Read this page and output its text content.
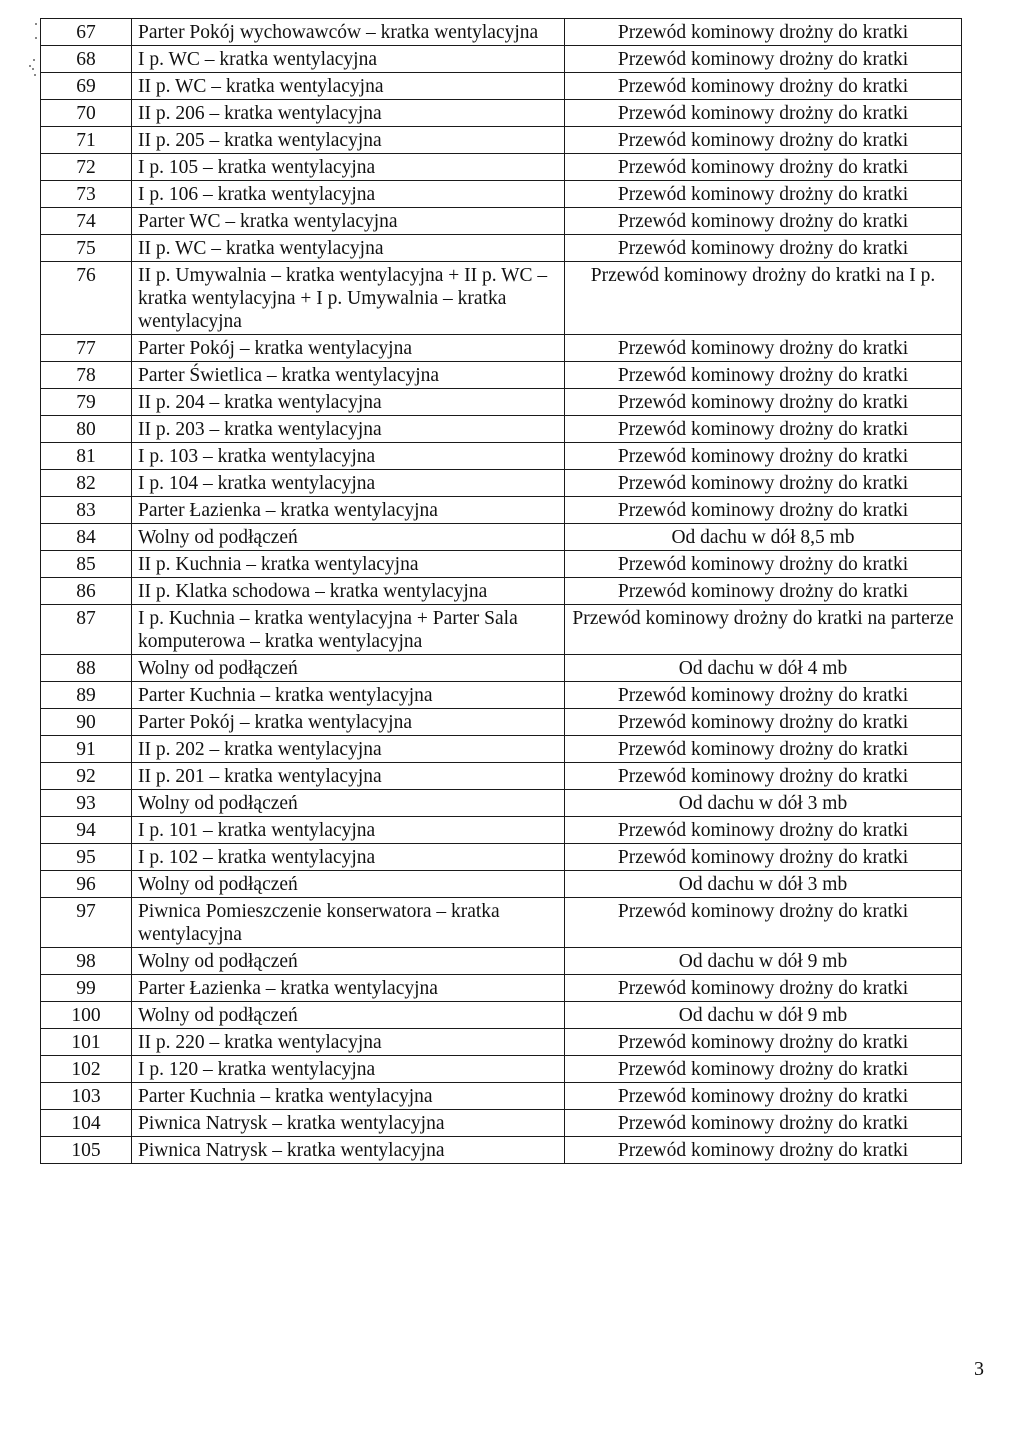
67	Parter Pokój wychowawców – kratka wentylacyjna	Przewód kominowy drożny do kratki
68	I p. WC – kratka wentylacyjna	Przewód kominowy drożny do kratki
69	II p. WC – kratka wentylacyjna	Przewód kominowy drożny do kratki
70	II p. 206 – kratka wentylacyjna	Przewód kominowy drożny do kratki
71	II p. 205 – kratka wentylacyjna	Przewód kominowy drożny do kratki
72	I p. 105 – kratka wentylacyjna	Przewód kominowy drożny do kratki
73	I p. 106 – kratka wentylacyjna	Przewód kominowy drożny do kratki
74	Parter WC – kratka wentylacyjna	Przewód kominowy drożny do kratki
75	II p. WC – kratka wentylacyjna	Przewód kominowy drożny do kratki
76	II p. Umywalnia – kratka wentylacyjna + II p. WC – kratka wentylacyjna + I p. Umywalnia – kratka wentylacyjna	Przewód kominowy drożny do kratki na I p.
77	Parter Pokój – kratka wentylacyjna	Przewód kominowy drożny do kratki
78	Parter Świetlica – kratka wentylacyjna	Przewód kominowy drożny do kratki
79	II p. 204 – kratka wentylacyjna	Przewód kominowy drożny do kratki
80	II p. 203 – kratka wentylacyjna	Przewód kominowy drożny do kratki
81	I p. 103 – kratka wentylacyjna	Przewód kominowy drożny do kratki
82	I p. 104 – kratka wentylacyjna	Przewód kominowy drożny do kratki
83	Parter Łazienka – kratka wentylacyjna	Przewód kominowy drożny do kratki
84	Wolny od podłączeń	Od dachu w dół 8,5 mb
85	II p. Kuchnia – kratka wentylacyjna	Przewód kominowy drożny do kratki
86	II p. Klatka schodowa – kratka wentylacyjna	Przewód kominowy drożny do kratki
87	I p. Kuchnia – kratka wentylacyjna + Parter Sala komputerowa – kratka wentylacyjna	Przewód kominowy drożny do kratki na parterze
88	Wolny od podłączeń	Od dachu w dół 4 mb
89	Parter Kuchnia – kratka wentylacyjna	Przewód kominowy drożny do kratki
90	Parter Pokój – kratka wentylacyjna	Przewód kominowy drożny do kratki
91	II p. 202 – kratka wentylacyjna	Przewód kominowy drożny do kratki
92	II p. 201 – kratka wentylacyjna	Przewód kominowy drożny do kratki
93	Wolny od podłączeń	Od dachu w dół 3 mb
94	I p. 101 – kratka wentylacyjna	Przewód kominowy drożny do kratki
95	I p. 102 – kratka wentylacyjna	Przewód kominowy drożny do kratki
96	Wolny od podłączeń	Od dachu w dół 3 mb
97	Piwnica Pomieszczenie konserwatora – kratka wentylacyjna	Przewód kominowy drożny do kratki
98	Wolny od podłączeń	Od dachu w dół 9 mb
99	Parter Łazienka – kratka wentylacyjna	Przewód kominowy drożny do kratki
100	Wolny od podłączeń	Od dachu w dół 9 mb
101	II p. 220 – kratka wentylacyjna	Przewód kominowy drożny do kratki
102	I p. 120 – kratka wentylacyjna	Przewód kominowy drożny do kratki
103	Parter Kuchnia – kratka wentylacyjna	Przewód kominowy drożny do kratki
104	Piwnica Natrysk – kratka wentylacyjna	Przewód kominowy drożny do kratki
105	Piwnica Natrysk – kratka wentylacyjna	Przewód kominowy drożny do kratki
3
